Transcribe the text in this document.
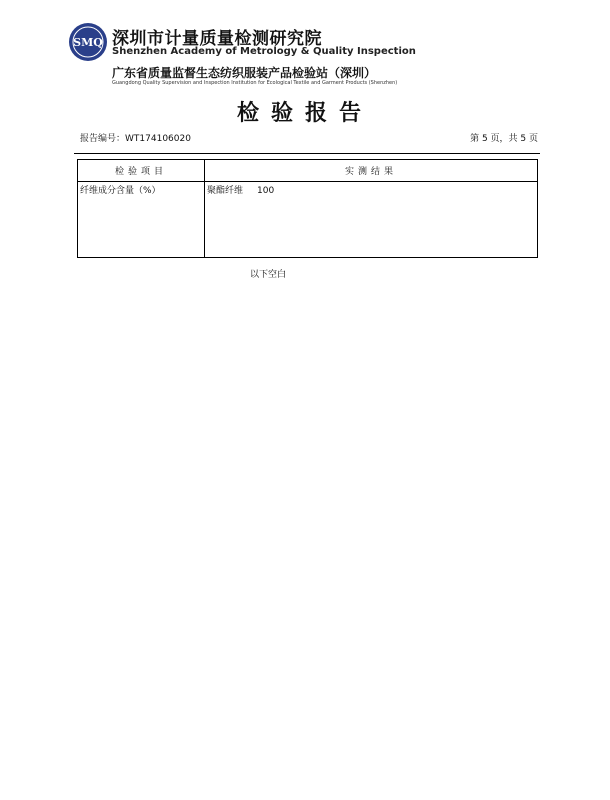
SMQ 深圳市计量质量检测研究院
Shenzhen Academy of Metrology & Quality Inspection
广东省质量监督生态纺织服装产品检验站（深圳）
Guangdong Quality Supervision and Inspection Institution for Ecological Textile and Garment Products (Shenzhen)
检验报告
报告编号：WT174106020	第 5 页，共 5 页
检验项目	实测结果
纤维成分含量（%）	聚酯纤维 100
以下空白
